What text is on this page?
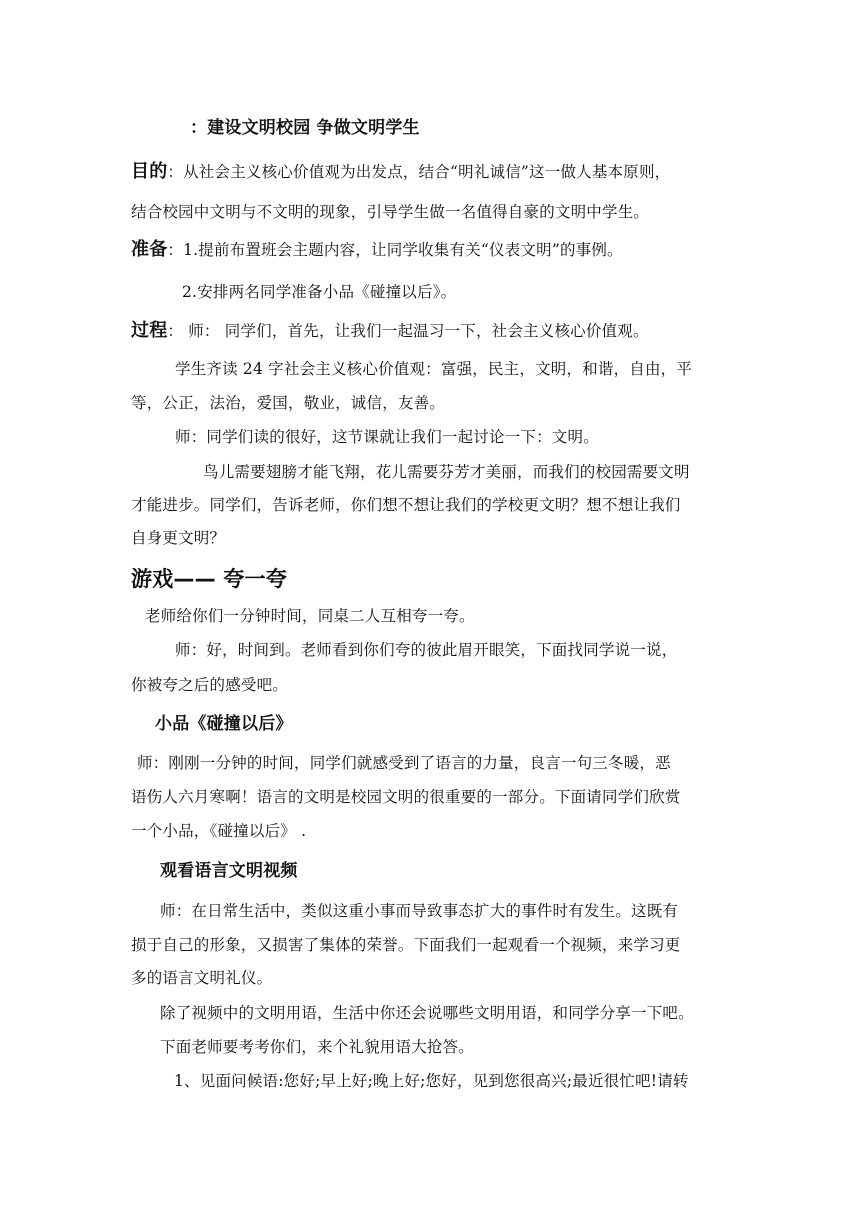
：建设文明校园 争做文明学生
目的：从社会主义核心价值观为出发点，结合“明礼诚信”这一做人基本原则，
结合校园中文明与不文明的现象，引导学生做一名值得自豪的文明中学生。
准备：1.提前布置班会主题内容，让同学收集有关“仪表文明”的事例。
2.安排两名同学准备小品《碰撞以后》。
过程： 师： 同学们，首先，让我们一起温习一下，社会主义核心价值观。
学生齐读 24 字社会主义核心价值观：富强，民主，文明，和谐，自由，平
等，公正，法治，爱国，敬业，诚信，友善。
师：同学们读的很好，这节课就让我们一起讨论一下：文明。
鸟儿需要翅膀才能飞翔，花儿需要芬芳才美丽，而我们的校园需要文明
才能进步。同学们，告诉老师，你们想不想让我们的学校更文明？想不想让我们
自身更文明？
游戏—— 夸一夸
老师给你们一分钟时间，同桌二人互相夸一夸。
师：好，时间到。老师看到你们夸的彼此眉开眼笑，下面找同学说一说，
你被夸之后的感受吧。
小品《碰撞以后》
师：刚刚一分钟的时间，同学们就感受到了语言的力量，良言一句三冬暖，恶
语伤人六月寒啊！语言的文明是校园文明的很重要的一部分。下面请同学们欣赏
一个小品，《碰撞以后》 .
观看语言文明视频
师：在日常生活中，类似这重小事而导致事态扩大的事件时有发生。这既有
损于自己的形象，又损害了集体的荣誉。下面我们一起观看一个视频，来学习更
多的语言文明礼仪。
除了视频中的文明用语，生活中你还会说哪些文明用语，和同学分享一下吧。
下面老师要考考你们，来个礼貌用语大抢答。
1、见面问候语:您好;早上好;晚上好;您好，见到您很高兴;最近很忙吧!请转
